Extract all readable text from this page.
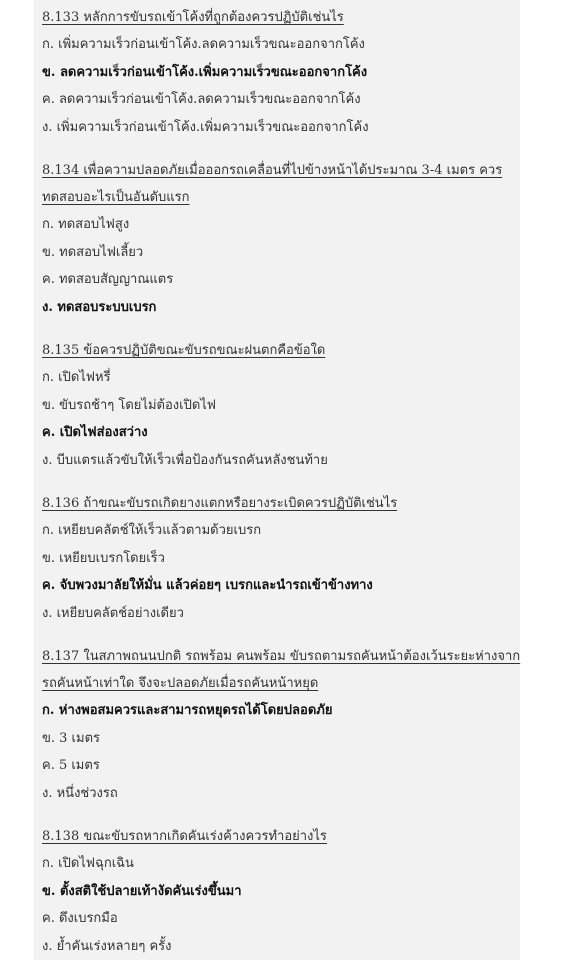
8.133 หลักการขับรถเข้าโค้งที่ถูกต้องควรปฏิบัติเช่นไร

ก. เพิ่มความเร็วก่อนเข้าโค้ง.ลดความเร็วขณะออกจากโค้ง

ข. ลดความเร็วก่อนเข้าโค้ง.เพิ่มความเร็วขณะออกจากโค้ง

ค. ลดความเร็วก่อนเข้าโค้ง.ลดความเร็วขณะออกจากโค้ง

ง. เพิ่มความเร็วก่อนเข้าโค้ง.เพิ่มความเร็วขณะออกจากโค้ง

8.134 เพื่อความปลอดภัยเมื่อออกรถเคลื่อนที่ไปข้างหน้าได้ประมาณ 3-4 เมตร ควรทดสอบอะไรเป็นอันดับแรก

ก. ทดสอบไฟสูง

ข. ทดสอบไฟเลี้ยว

ค. ทดสอบสัญญาณแตร

ง. ทดสอบระบบเบรก

8.135 ข้อควรปฏิบัติขณะขับรถขณะฝนตกคือข้อใด

ก. เปิดไฟหรี่

ข. ขับรถช้าๆ โดยไม่ต้องเปิดไฟ

ค. เปิดไฟส่องสว่าง

ง. บีบแตรแล้วขับให้เร็วเพื่อป้องกันรถคันหลังชนท้าย

8.136 ถ้าขณะขับรถเกิดยางแตกหรือยางระเบิดควรปฏิบัติเช่นไร

ก. เหยียบคลัตช์ให้เร็วแล้วตามด้วยเบรก

ข. เหยียบเบรกโดยเร็ว

ค. จับพวงมาลัยให้มั่น แล้วค่อยๆ เบรกและนำรถเข้าข้างทาง

ง. เหยียบคลัตช์อย่างเดียว

8.137 ในสภาพถนนปกติ รถพร้อม คนพร้อม ขับรถตามรถคันหน้าต้องเว้นระยะห่างจากรถคันหน้าเท่าใด จึงจะปลอดภัยเมื่อรถคันหน้าหยุด

ก. ห่างพอสมควรและสามารถหยุดรถได้โดยปลอดภัย

ข. 3 เมตร

ค. 5 เมตร

ง. หนึ่งช่วงรถ

8.138 ขณะขับรถหากเกิดคันเร่งค้างควรทำอย่างไร

ก. เปิดไฟฉุกเฉิน

ข. ตั้งสติใช้ปลายเท้างัดคันเร่งขึ้นมา

ค. ดึงเบรกมือ

ง. ย้ำคันเร่งหลายๆ ครั้ง
